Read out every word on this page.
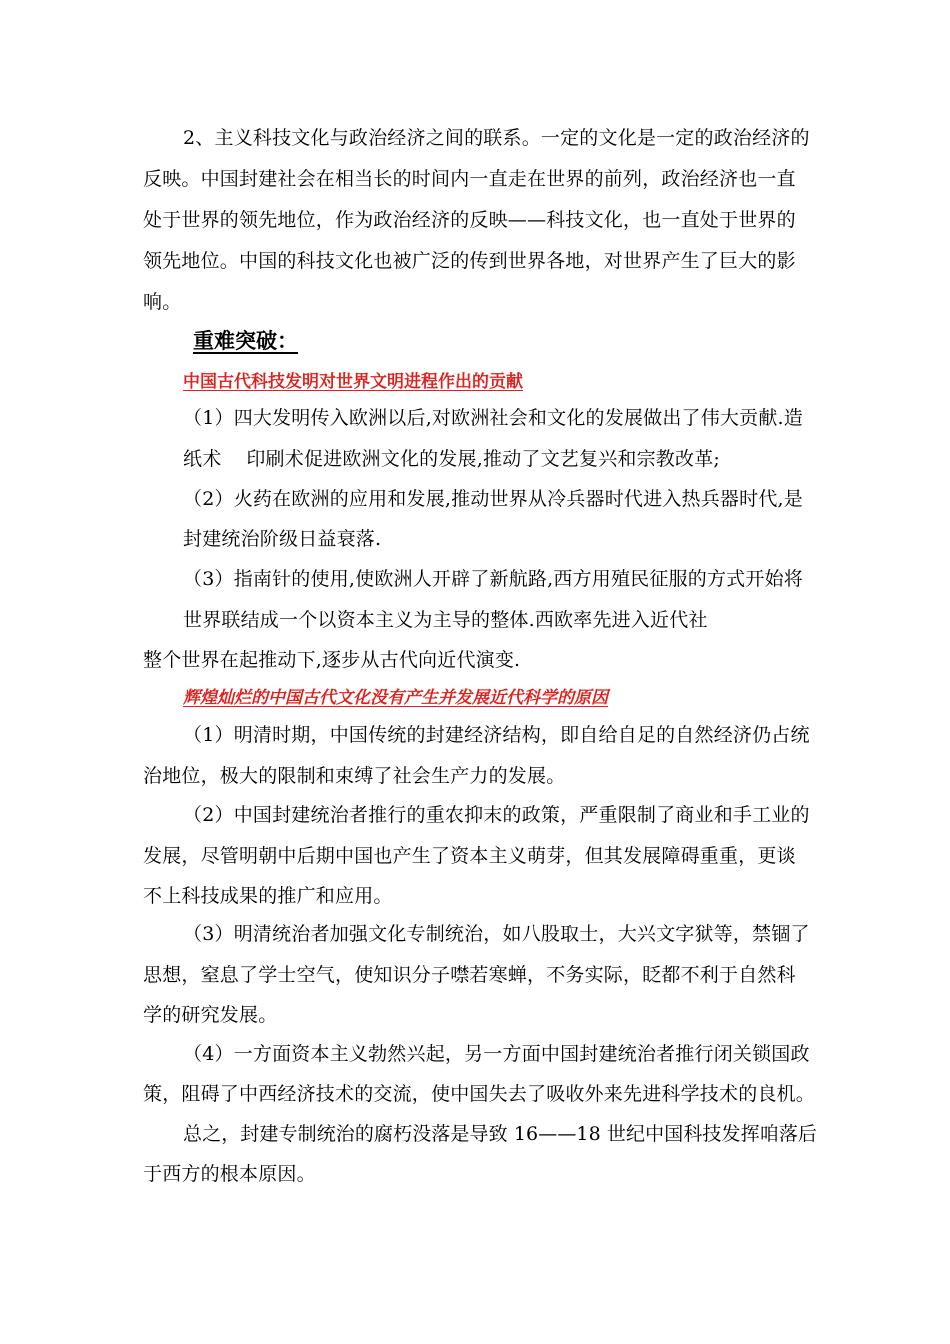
2、主义科技文化与政治经济之间的联系。一定的文化是一定的政治经济的
反映。中国封建社会在相当长的时间内一直走在世界的前列，政治经济也一直
处于世界的领先地位，作为政治经济的反映——科技文化，也一直处于世界的
领先地位。中国的科技文化也被广泛的传到世界各地，对世界产生了巨大的影
响。
重难突破：
中国古代科技发明对世界文明进程作出的贡献
（1）四大发明传入欧洲以后,对欧洲社会和文化的发展做出了伟大贡献.造
纸术    印刷术促进欧洲文化的发展,推动了文艺复兴和宗教改革;
（2）火药在欧洲的应用和发展,推动世界从冷兵器时代进入热兵器时代,是
封建统治阶级日益衰落.
（3）指南针的使用,使欧洲人开辟了新航路,西方用殖民征服的方式开始将
世界联结成一个以资本主义为主导的整体.西欧率先进入近代社
整个世界在起推动下,逐步从古代向近代演变.
辉煌灿烂的中国古代文化没有产生并发展近代科学的原因
（1）明清时期，中国传统的封建经济结构，即自给自足的自然经济仍占统
治地位，极大的限制和束缚了社会生产力的发展。
（2）中国封建统治者推行的重农抑末的政策，严重限制了商业和手工业的
发展，尽管明朝中后期中国也产生了资本主义萌芽，但其发展障碍重重，更谈
不上科技成果的推广和应用。
（3）明清统治者加强文化专制统治，如八股取士，大兴文字狱等，禁锢了
思想，窒息了学士空气，使知识分子噤若寒蝉，不务实际，眨都不利于自然科
学的研究发展。
（4）一方面资本主义勃然兴起，另一方面中国封建统治者推行闭关锁国政
策，阻碍了中西经济技术的交流，使中国失去了吸收外来先进科学技术的良机。
总之，封建专制统治的腐朽没落是导致 16——18 世纪中国科技发挥咱落后
于西方的根本原因。
